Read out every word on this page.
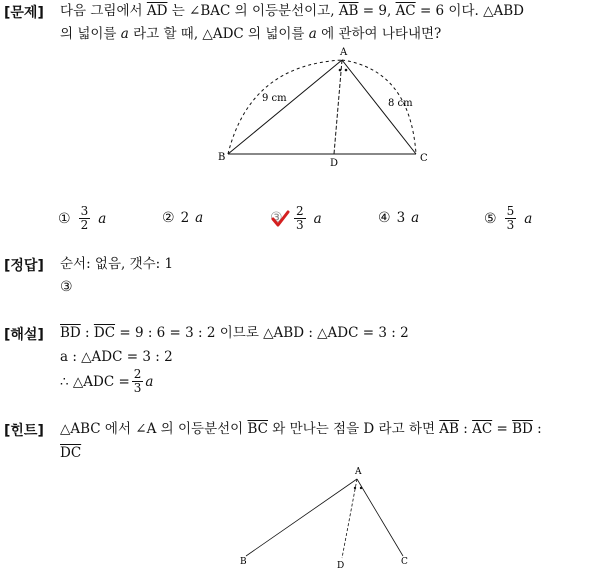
[문제] 다음 그림에서 $\overline{AD}$ 는 ∠BAC 의 이등분선이고, $\overline{AB} = 9$, $\overline{AC} = 6$ 이다. △ABD
의 넓이를 a 라고 할 때, △ADC 의 넓이를 a 에 관하여 나타내면?
A
B	C
D
9 cm	8 cm
① $\frac{3}{2}$ a	② 2 a	③ $\frac{2}{3}$ a	④ 3 a	⑤ $\frac{5}{3}$ a
[정답] 순서: 없음, 갯수: 1
③
[해설] $\overline{BD}$ : $\overline{DC} = 9$ : 6 = 3 : 2 이므로 △ABD : △ADC = 3 : 2
a : △ADC = 3 : 2
∴ △ADC = $\frac{2}{3}$ a
[힌트] △ABC 에서 ∠A 의 이등분선이 $\overline{BC}$ 와 만나는 점을 D 라고 하면 $\overline{AB}$ : $\overline{AC} = \overline{BD}$ :
$\overline{DC}$
A
B	C
D
